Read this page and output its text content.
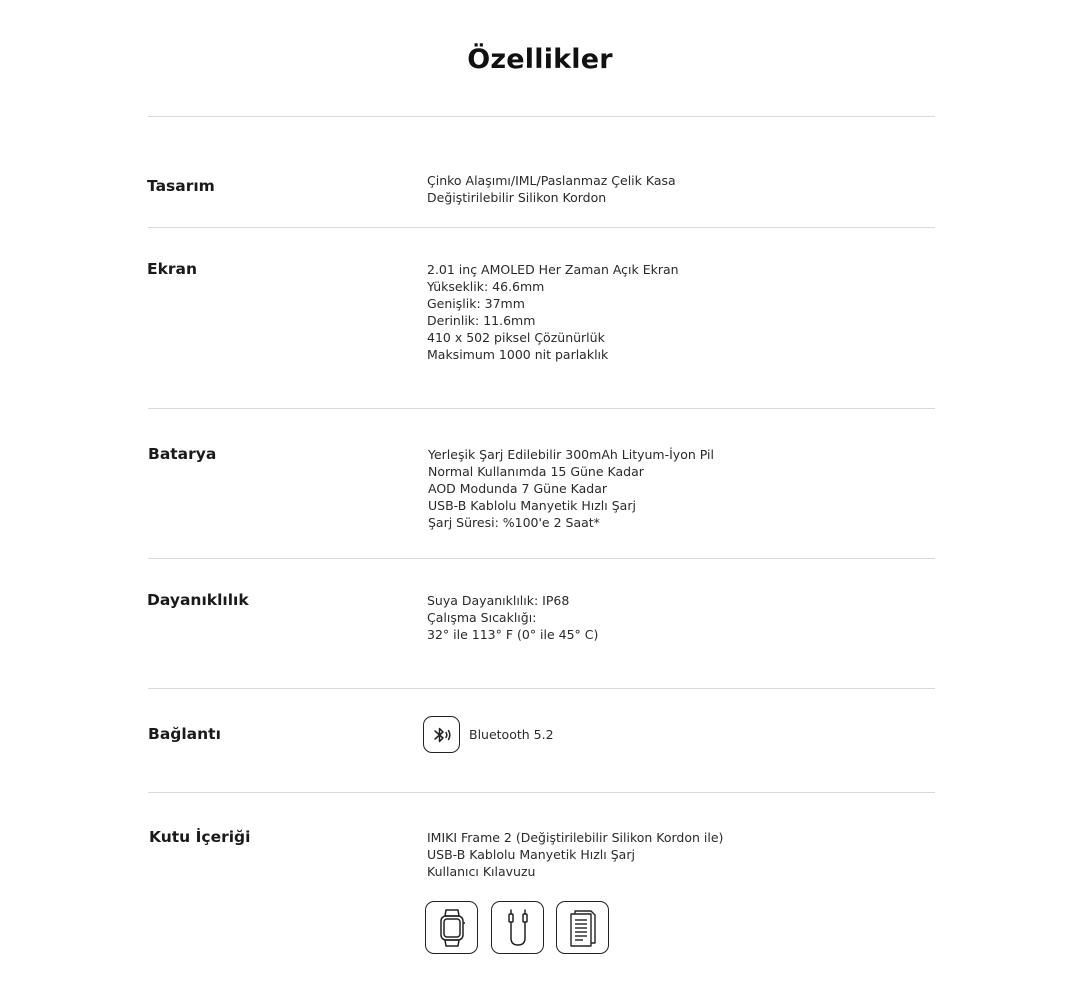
Özellikler
Tasarım	Çinko Alaşımı/IML/Paslanmaz Çelik Kasa
Değiştirilebilir Silikon Kordon
Ekran	2.01 inç AMOLED Her Zaman Açık Ekran
Yükseklik: 46.6mm
Genişlik: 37mm
Derinlik: 11.6mm
410 x 502 piksel Çözünürlük
Maksimum 1000 nit parlaklık
Batarya	Yerleşik Şarj Edilebilir 300mAh Lityum-İyon Pil
Normal Kullanımda 15 Güne Kadar
AOD Modunda 7 Güne Kadar
USB-B Kablolu Manyetik Hızlı Şarj
Şarj Süresi: %100'e 2 Saat*
Dayanıklılık	Suya Dayanıklılık: IP68
Çalışma Sıcaklığı:
32° ile 113° F (0° ile 45° C)
Bağlantı	Bluetooth 5.2
Kutu İçeriği	IMIKI Frame 2 (Değiştirilebilir Silikon Kordon ile)
USB-B Kablolu Manyetik Hızlı Şarj
Kullanıcı Kılavuzu
